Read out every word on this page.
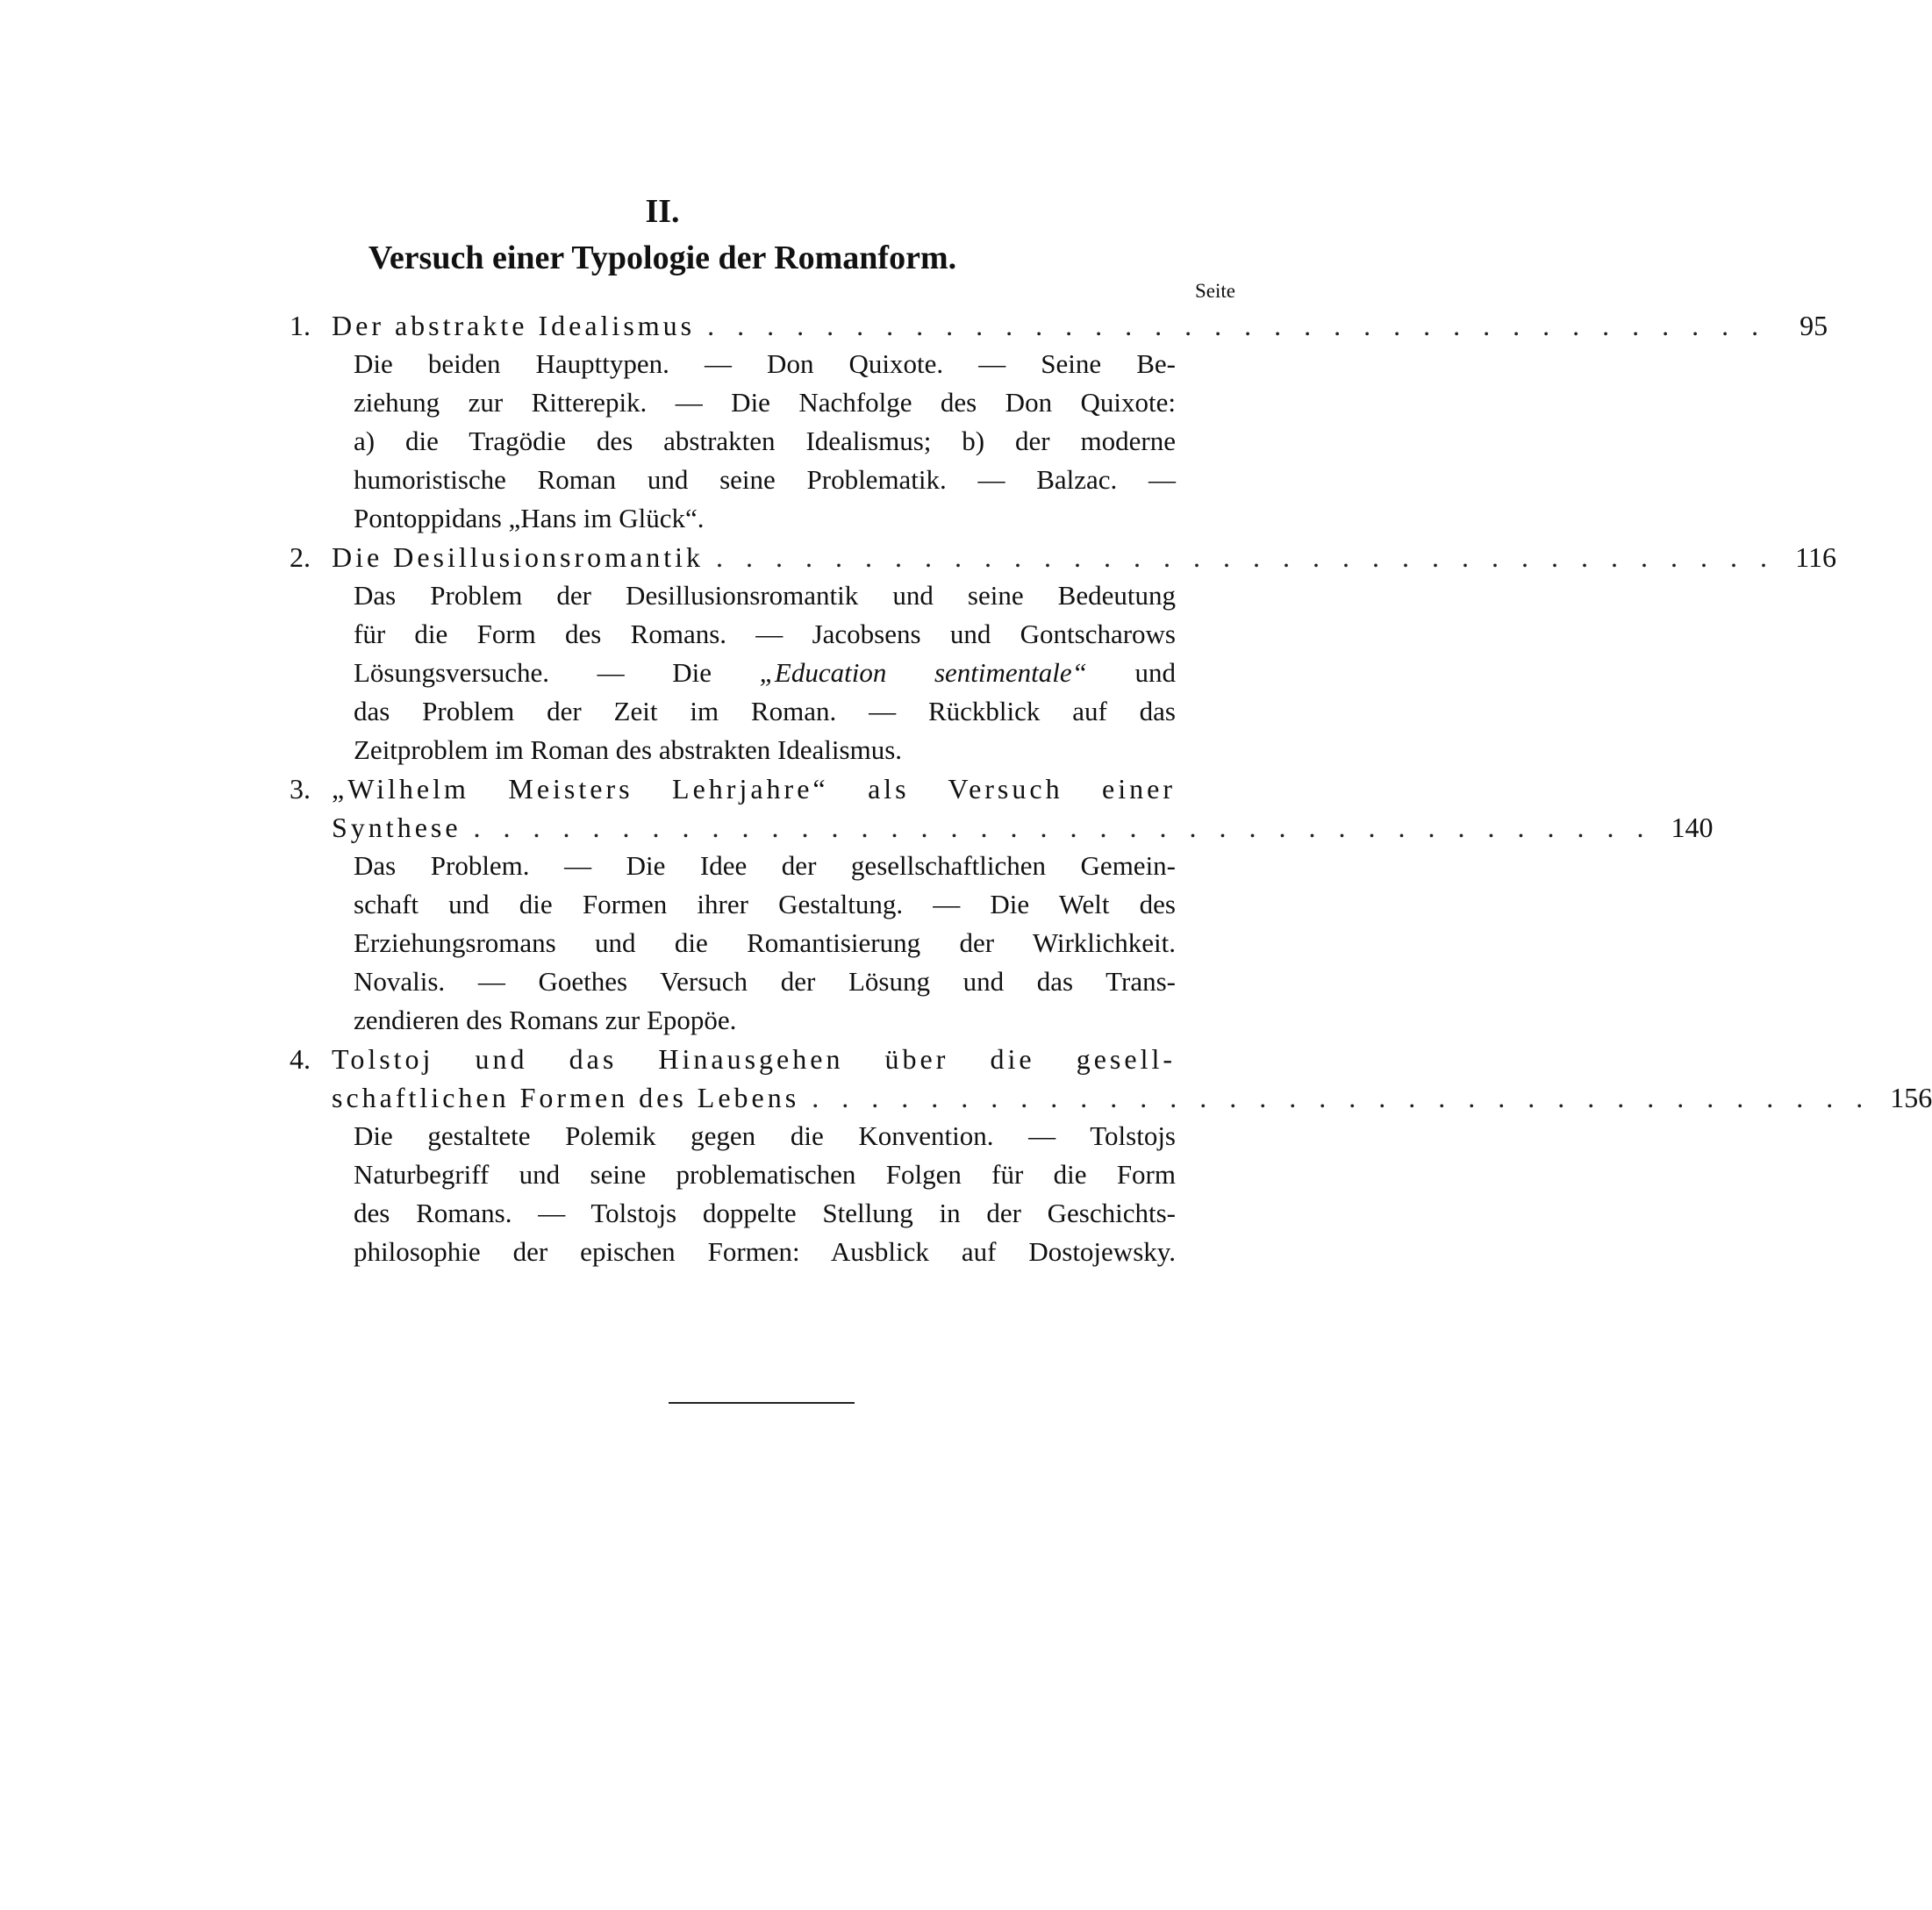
II.
Versuch einer Typologie der Romanform.
Seite
1. Der abstrakte Idealismus . . . . . . . . . . . . . . . . . . . . . . . . . . . . . . . . . . . .	95
Die beiden Haupttypen. — Don Quixote. — Seine Be-
ziehung zur Ritterepik. — Die Nachfolge des Don Quixote:
a) die Tragödie des abstrakten Idealismus; b) der moderne
humoristische Roman und seine Problematik. — Balzac. —
Pontoppidans „Hans im Glück“.
2. Die Desillusionsromantik . . . . . . . . . . . . . . . . . . . . . . . . . . . . . . . . . . . . 116
Das Problem der Desillusionsromantik und seine Bedeutung
für die Form des Romans. — Jacobsens und Gontscharows
Lösungsversuche. — Die „Education sentimentale“ und
das Problem der Zeit im Roman. — Rückblick auf das
Zeitproblem im Roman des abstrakten Idealismus.
3. „Wilhelm Meisters Lehrjahre“ als Versuch einer
Synthese . . . . . . . . . . . . . . . . . . . . . . . . . . . . . . . . . . . . . . . . 140
Das Problem. — Die Idee der gesellschaftlichen Gemein-
schaft und die Formen ihrer Gestaltung. — Die Welt des
Erziehungsromans und die Romantisierung der Wirklichkeit.
Novalis. — Goethes Versuch der Lösung und das Trans-
zendieren des Romans zur Epopöe.
4. Tolstoj und das Hinausgehen über die gesell-
schaftlichen Formen des Lebens . . . . . . . . . . . . . . . . . . . . . . . . . . . . . . . . . . . . 156
Die gestaltete Polemik gegen die Konvention. — Tolstojs
Naturbegriff und seine problematischen Folgen für die Form
des Romans. — Tolstojs doppelte Stellung in der Geschichts-
philosophie der epischen Formen: Ausblick auf Dostojewsky.
